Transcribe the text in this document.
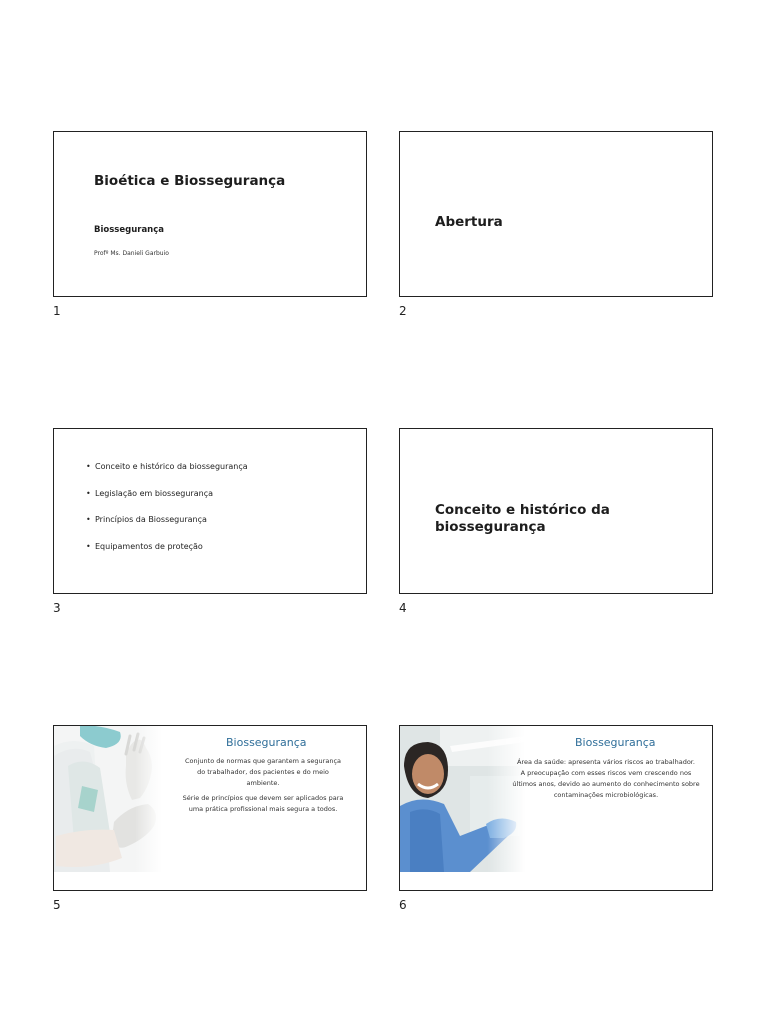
Bioética e Biossegurança
Biossegurança
Profº Ms. Danieli Garbuio
1
Abertura
2
• Conceito e histórico da biossegurança
• Legislação em biossegurança
• Princípios da Biossegurança
• Equipamentos de proteção
3
Conceito e histórico da biossegurança
4
Biossegurança

Conjunto de normas que garantem a segurança do trabalhador, dos pacientes e do meio ambiente.

Série de princípios que devem ser aplicados para uma prática profissional mais segura a todos.

5
Biossegurança

Área da saúde: apresenta vários riscos ao trabalhador.

A preocupação com esses riscos vem crescendo nos últimos anos, devido ao aumento do conhecimento sobre contaminações microbiológicas.

6
